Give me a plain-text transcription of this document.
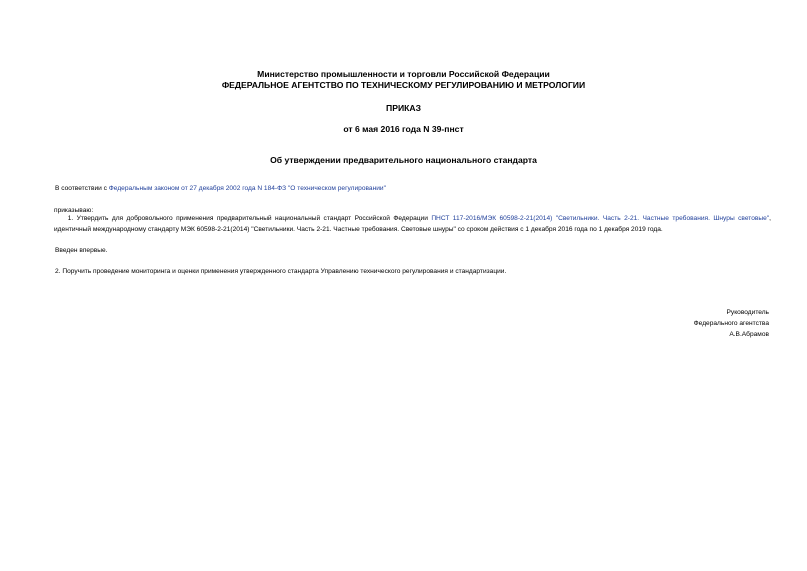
Министерство промышленности и торговли Российской Федерации
ФЕДЕРАЛЬНОЕ АГЕНТСТВО ПО ТЕХНИЧЕСКОМУ РЕГУЛИРОВАНИЮ И МЕТРОЛОГИИ
ПРИКАЗ
от 6 мая 2016 года N 39-пнст
Об утверждении предварительного национального стандарта
В соответствии с Федеральным законом от 27 декабря 2002 года N 184-ФЗ "О техническом регулировании"
приказываю:
1. Утвердить для добровольного применения предварительный национальный стандарт Российской Федерации ПНСТ 117-2016/МЭК 60598-2-21(2014) "Светильники. Часть 2-21. Частные требования. Шнуры световые", идентичный международному стандарту МЭК 60598-2-21(2014) "Светильники. Часть 2-21. Частные требования. Световые шнуры" со сроком действия с 1 декабря 2016 года по 1 декабря 2019 года.
Введен впервые.
2. Поручить проведение мониторинга и оценки применения утвержденного стандарта Управлению технического регулирования и стандартизации.
Руководитель
Федерального агентства
А.В.Абрамов
